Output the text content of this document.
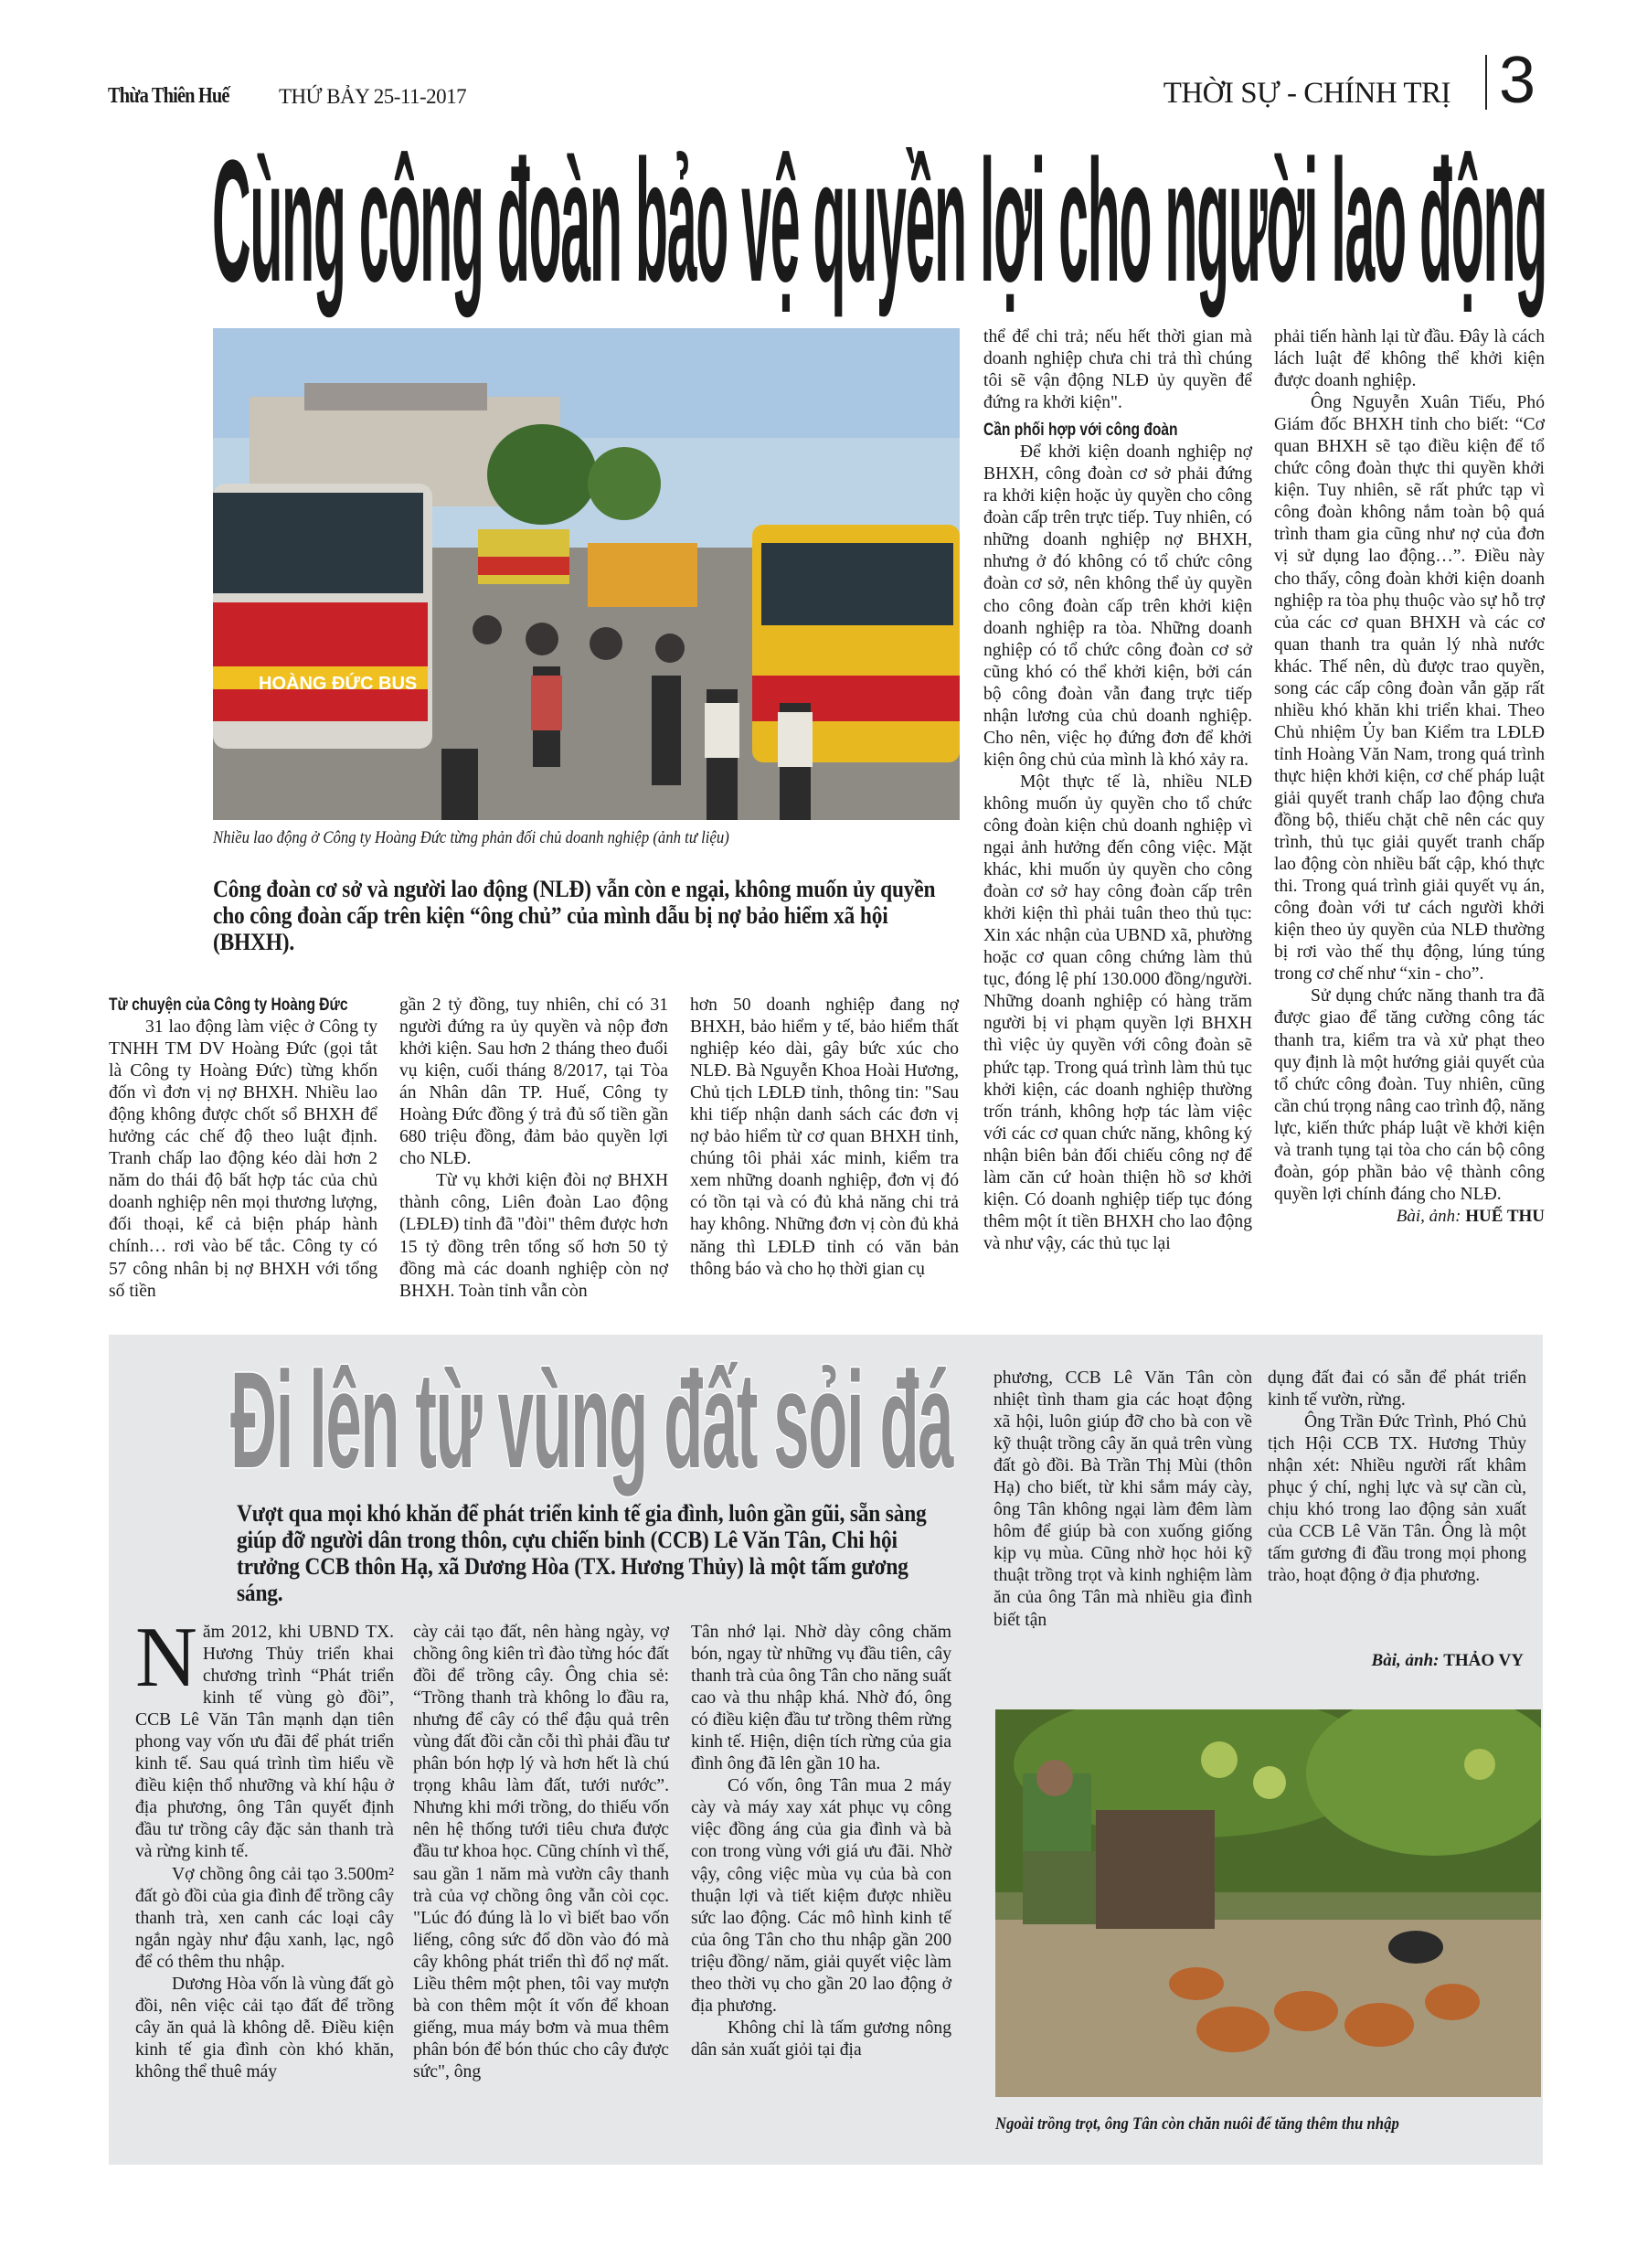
Thừa Thiên Huế THỨ BẢY 25-11-2017	THỜI SỰ - CHÍNH TRỊ 3
Cùng công đoàn bảo vệ quyền lợi cho người lao động
HOÀNG ĐỨC BUS
Nhiều lao động ở Công ty Hoàng Đức từng phản đối chủ doanh nghiệp (ảnh tư liệu)
Công đoàn cơ sở và người lao động (NLĐ) vẫn còn e ngại, không muốn ủy quyền cho công đoàn cấp trên kiện “ông chủ” của mình dẫu bị nợ bảo hiểm xã hội (BHXH).
Từ chuyện của Công ty Hoàng Đức

31 lao động làm việc ở Công ty TNHH TM DV Hoàng Đức (gọi tắt là Công ty Hoàng Đức) từng khốn đốn vì đơn vị nợ BHXH. Nhiều lao động không được chốt sổ BHXH để hưởng các chế độ theo luật định. Tranh chấp lao động kéo dài hơn 2 năm do thái độ bất hợp tác của chủ doanh nghiệp nên mọi thương lượng, đối thoại, kể cả biện pháp hành chính… rơi vào bế tắc. Công ty có 57 công nhân bị nợ BHXH với tổng số tiền

gần 2 tỷ đồng, tuy nhiên, chỉ có 31 người đứng ra ủy quyền và nộp đơn khởi kiện. Sau hơn 2 tháng theo đuổi vụ kiện, cuối tháng 8/2017, tại Tòa án Nhân dân TP. Huế, Công ty Hoàng Đức đồng ý trả đủ số tiền gần 680 triệu đồng, đảm bảo quyền lợi cho NLĐ.

Từ vụ khởi kiện đòi nợ BHXH thành công, Liên đoàn Lao động (LĐLĐ) tỉnh đã "đòi" thêm được hơn 15 tỷ đồng trên tổng số hơn 50 tỷ đồng mà các doanh nghiệp còn nợ BHXH. Toàn tỉnh vẫn còn

hơn 50 doanh nghiệp đang nợ BHXH, bảo hiểm y tế, bảo hiểm thất nghiệp kéo dài, gây bức xúc cho NLĐ. Bà Nguyễn Khoa Hoài Hương, Chủ tịch LĐLĐ tỉnh, thông tin: "Sau khi tiếp nhận danh sách các đơn vị nợ bảo hiểm từ cơ quan BHXH tỉnh, chúng tôi phải xác minh, kiểm tra xem những doanh nghiệp, đơn vị đó có tồn tại và có đủ khả năng chi trả hay không. Những đơn vị còn đủ khả năng thì LĐLĐ tỉnh có văn bản thông báo và cho họ thời gian cụ

thể để chi trả; nếu hết thời gian mà doanh nghiệp chưa chi trả thì chúng tôi sẽ vận động NLĐ ủy quyền để đứng ra khởi kiện".

Cần phối hợp với công đoàn

Để khởi kiện doanh nghiệp nợ BHXH, công đoàn cơ sở phải đứng ra khởi kiện hoặc ủy quyền cho công đoàn cấp trên trực tiếp. Tuy nhiên, có những doanh nghiệp nợ BHXH, nhưng ở đó không có tổ chức công đoàn cơ sở, nên không thể ủy quyền cho công đoàn cấp trên khởi kiện doanh nghiệp ra tòa. Những doanh nghiệp có tổ chức công đoàn cơ sở cũng khó có thể khởi kiện, bởi cán bộ công đoàn vẫn đang trực tiếp nhận lương của chủ doanh nghiệp. Cho nên, việc họ đứng đơn để khởi kiện ông chủ của mình là khó xảy ra.

Một thực tế là, nhiều NLĐ không muốn ủy quyền cho tổ chức công đoàn kiện chủ doanh nghiệp vì ngại ảnh hưởng đến công việc. Mặt khác, khi muốn ủy quyền cho công đoàn cơ sở hay công đoàn cấp trên khởi kiện thì phải tuân theo thủ tục: Xin xác nhận của UBND xã, phường hoặc cơ quan công chứng làm thủ tục, đóng lệ phí 130.000 đồng/người. Những doanh nghiệp có hàng trăm người bị vi phạm quyền lợi BHXH thì việc ủy quyền với công đoàn sẽ phức tạp. Trong quá trình làm thủ tục khởi kiện, các doanh nghiệp thường trốn tránh, không hợp tác làm việc với các cơ quan chức năng, không ký nhận biên bản đối chiếu công nợ để làm căn cứ hoàn thiện hồ sơ khởi kiện. Có doanh nghiệp tiếp tục đóng thêm một ít tiền BHXH cho lao động và như vậy, các thủ tục lại

phải tiến hành lại từ đầu. Đây là cách lách luật để không thể khởi kiện được doanh nghiệp.

Ông Nguyễn Xuân Tiếu, Phó Giám đốc BHXH tỉnh cho biết: “Cơ quan BHXH sẽ tạo điều kiện để tổ chức công đoàn thực thi quyền khởi kiện. Tuy nhiên, sẽ rất phức tạp vì công đoàn không nắm toàn bộ quá trình tham gia cũng như nợ của đơn vị sử dụng lao động…”. Điều này cho thấy, công đoàn khởi kiện doanh nghiệp ra tòa phụ thuộc vào sự hỗ trợ của các cơ quan BHXH và các cơ quan thanh tra quản lý nhà nước khác. Thế nên, dù được trao quyền, song các cấp công đoàn vẫn gặp rất nhiều khó khăn khi triển khai. Theo Chủ nhiệm Ủy ban Kiểm tra LĐLĐ tỉnh Hoàng Văn Nam, trong quá trình thực hiện khởi kiện, cơ chế pháp luật giải quyết tranh chấp lao động chưa đồng bộ, thiếu chặt chẽ nên các quy trình, thủ tục giải quyết tranh chấp lao động còn nhiều bất cập, khó thực thi. Trong quá trình giải quyết vụ án, công đoàn với tư cách người khởi kiện theo ủy quyền của NLĐ thường bị rơi vào thế thụ động, lúng túng trong cơ chế như “xin - cho”.

Sử dụng chức năng thanh tra đã được giao để tăng cường công tác thanh tra, kiểm tra và xử phạt theo quy định là một hướng giải quyết của tổ chức công đoàn. Tuy nhiên, cũng cần chú trọng nâng cao trình độ, năng lực, kiến thức pháp luật về khởi kiện và tranh tụng tại tòa cho cán bộ công đoàn, góp phần bảo vệ thành công quyền lợi chính đáng cho NLĐ.

Bài, ảnh: HUẾ THU
Đi lên từ vùng đất sỏi đá
Vượt qua mọi khó khăn để phát triển kinh tế gia đình, luôn gần gũi, sẵn sàng giúp đỡ người dân trong thôn, cựu chiến binh (CCB) Lê Văn Tân, Chi hội trưởng CCB thôn Hạ, xã Dương Hòa (TX. Hương Thủy) là một tấm gương sáng.
N ăm 2012, khi UBND TX. Hương Thủy triển khai chương trình “Phát triển kinh tế vùng gò đồi”, CCB Lê Văn Tân mạnh dạn tiên phong vay vốn ưu đãi để phát triển kinh tế. Sau quá trình tìm hiểu về điều kiện thổ nhưỡng và khí hậu ở địa phương, ông Tân quyết định đầu tư trồng cây đặc sản thanh trà và rừng kinh tế.

Vợ chồng ông cải tạo 3.500m² đất gò đồi của gia đình để trồng cây thanh trà, xen canh các loại cây ngắn ngày như đậu xanh, lạc, ngô để có thêm thu nhập.

Dương Hòa vốn là vùng đất gò đồi, nên việc cải tạo đất để trồng cây ăn quả là không dễ. Điều kiện kinh tế gia đình còn khó khăn, không thể thuê máy

cày cải tạo đất, nên hàng ngày, vợ chồng ông kiên trì đào từng hóc đất đồi để trồng cây. Ông chia sẻ: “Trồng thanh trà không lo đầu ra, nhưng để cây có thể đậu quả trên vùng đất đồi cằn cỗi thì phải đầu tư phân bón hợp lý và hơn hết là chú trọng khâu làm đất, tưới nước”. Nhưng khi mới trồng, do thiếu vốn nên hệ thống tưới tiêu chưa được đầu tư khoa học. Cũng chính vì thế, sau gần 1 năm mà vườn cây thanh trà của vợ chồng ông vẫn còi cọc. "Lúc đó đúng là lo vì biết bao vốn liếng, công sức đổ dồn vào đó mà cây không phát triển thì đổ nợ mất. Liều thêm một phen, tôi vay mượn bà con thêm một ít vốn để khoan giếng, mua máy bơm và mua thêm phân bón để bón thúc cho cây được sức", ông

Tân nhớ lại. Nhờ dày công chăm bón, ngay từ những vụ đầu tiên, cây thanh trà của ông Tân cho năng suất cao và thu nhập khá. Nhờ đó, ông có điều kiện đầu tư trồng thêm rừng kinh tế. Hiện, diện tích rừng của gia đình ông đã lên gần 10 ha.

Có vốn, ông Tân mua 2 máy cày và máy xay xát phục vụ công việc đồng áng của gia đình và bà con trong vùng với giá ưu đãi. Nhờ vậy, công việc mùa vụ của bà con thuận lợi và tiết kiệm được nhiều sức lao động. Các mô hình kinh tế của ông Tân cho thu nhập gần 200 triệu đồng/ năm, giải quyết việc làm theo thời vụ cho gần 20 lao động ở địa phương.

Không chỉ là tấm gương nông dân sản xuất giỏi tại địa

phương, CCB Lê Văn Tân còn nhiệt tình tham gia các hoạt động xã hội, luôn giúp đỡ cho bà con về kỹ thuật trồng cây ăn quả trên vùng đất gò đồi. Bà Trần Thị Mùi (thôn Hạ) cho biết, từ khi sắm máy cày, ông Tân không ngại làm đêm làm hôm để giúp bà con xuống giống kịp vụ mùa. Cũng nhờ học hỏi kỹ thuật trồng trọt và kinh nghiệm làm ăn của ông Tân mà nhiều gia đình biết tận

dụng đất đai có sẵn để phát triển kinh tế vườn, rừng.

Ông Trần Đức Trình, Phó Chủ tịch Hội CCB TX. Hương Thủy nhận xét: Nhiều người rất khâm phục ý chí, nghị lực và sự cần cù, chịu khó trong lao động sản xuất của CCB Lê Văn Tân. Ông là một tấm gương đi đầu trong mọi phong trào, hoạt động ở địa phương.

Bài, ảnh: THẢO VY
Ngoài trồng trọt, ông Tân còn chăn nuôi để tăng thêm thu nhập
